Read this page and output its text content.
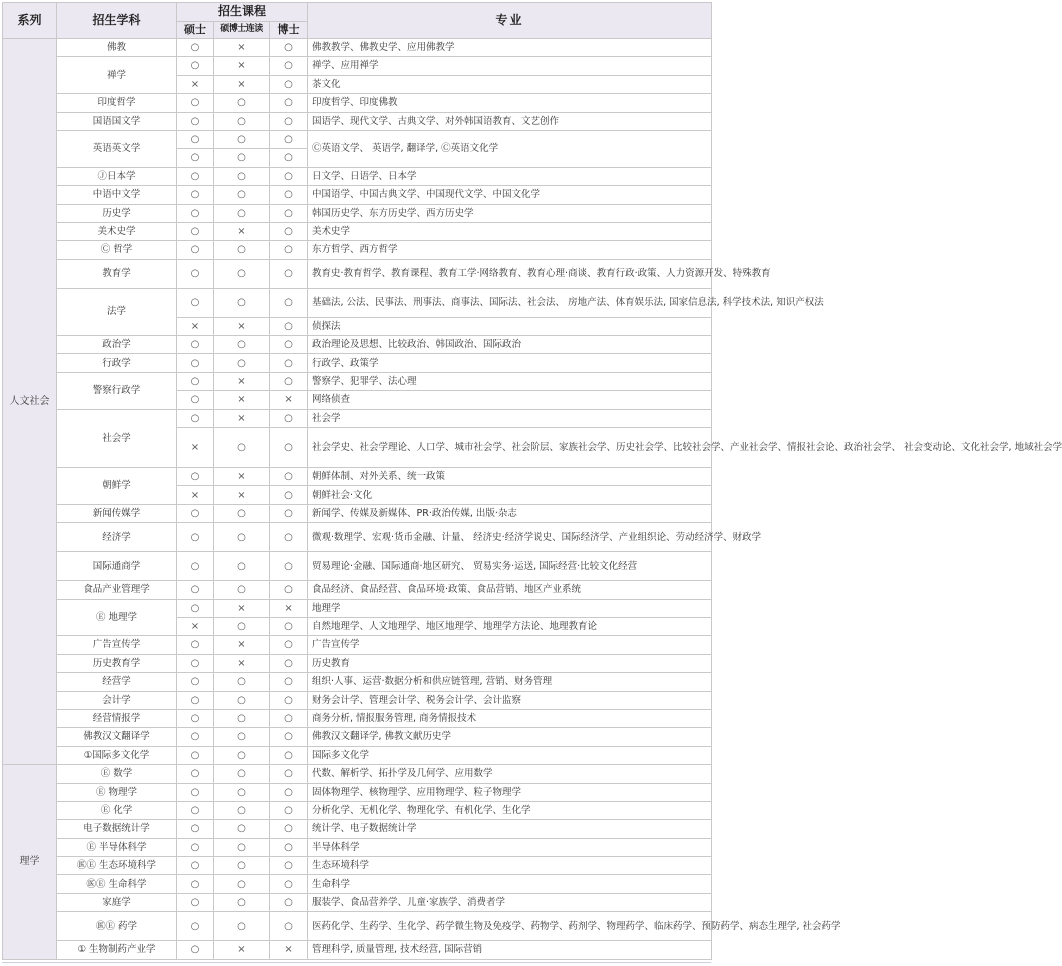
系列	招生学科	招生课程			专业
		硕士	硕博士连读	博士	
人文社会	佛教	○	×	○	佛教教学、佛教史学、应用佛教学
	禅学	○	×	○	禅学、应用禅学
		×	×	○	茶文化
	印度哲学	○	○	○	印度哲学、印度佛教
	国语国文学	○	○	○	国语学、现代文学、古典文学、对外韩国语教育、文艺创作
	英语英文学	○	○	○	Ⓒ英语文学、 英语学, 翻译学, Ⓒ英语文化学
		○	○	○	
	Ⓙ日本学	○	○	○	日文学、日语学、日本学
	中语中文学	○	○	○	中国语学、中国古典文学、中国现代文学、中国文化学
	历史学	○	○	○	韩国历史学、东方历史学、西方历史学
	美术史学	○	×	○	美术史学
	Ⓒ 哲学	○	○	○	东方哲学、西方哲学
	教育学	○	○	○	教育史·教育哲学、教育课程、教育工学·网络教育、教育心理·商谈、教育行政·政策、人力资源开发、特殊教育
	法学	○	○	○	基础法, 公法、民事法、刑事法、商事法、国际法、社会法、 房地产法、体育娱乐法, 国家信息法, 科学技术法, 知识产权法
		×	×	○	侦探法
	政治学	○	○	○	政治理论及思想、比较政治、韩国政治、国际政治
	行政学	○	○	○	行政学、政策学
	警察行政学	○	×	○	警察学、犯罪学、法心理
		○	×	×	网络侦查
	社会学	○	×	○	社会学
		×	○	○	社会学史、社会学理论、人口学、城市社会学、社会阶层、家族社会学、历史社会学、比较社会学、产业社会学、情报社会论、政治社会学、 社会变动论、文化社会学, 地域社会学
	朝鲜学	○	×	○	朝鲜体制、对外关系、统一政策
		×	×	○	朝鲜社会·文化
	新闻传媒学	○	○	○	新闻学、传媒及新媒体、PR·政治传媒, 出版·杂志
	经济学	○	○	○	微观·数理学、宏观·货币金融、计量、 经济史·经济学说史、国际经济学、产业组织论、劳动经济学、财政学
	国际通商学	○	○	○	贸易理论·金融、国际通商·地区研究、 贸易实务·运送, 国际经营·比较文化经营
	食品产业管理学	○	○	○	食品经济、食品经营、食品环境·政策、食品营销、地区产业系统
	Ⓔ 地理学	○	×	×	地理学
		×	○	○	自然地理学、人文地理学、地区地理学、地理学方法论、地理教育论
	广告宣传学	○	×	○	广告宣传学
	历史教育学	○	×	○	历史教育
	经营学	○	○	○	组织·人事、运营·数据分析和供应链管理, 营销、财务管理
	会计学	○	○	○	财务会计学、管理会计学、税务会计学、会计监察
	经营情报学	○	○	○	商务分析, 情报服务管理, 商务情报技术
	佛教汉文翻译学	○	○	○	佛教汉文翻译学, 佛教文献历史学
	①国际多文化学	○	○	○	国际多文化学
理学	Ⓔ 数学	○	○	○	代数、解析学、拓扑学及几何学、应用数学
	Ⓔ 物理学	○	○	○	固体物理学、核物理学、应用物理学、粒子物理学
	Ⓔ 化学	○	○	○	分析化学、无机化学、物理化学、有机化学、生化学
	电子数据统计学	○	○	○	统计学、电子数据统计学
	Ⓔ 半导体科学	○	○	○	半导体科学
	㊩Ⓔ 生态环境科学	○	○	○	生态环境科学
	㊩Ⓔ 生命科学	○	○	○	生命科学
	家庭学	○	○	○	服装学、食品营养学、儿童·家族学、消费者学
	㊩Ⓔ 药学	○	○	○	医药化学、生药学、生化学、药学微生物及免疫学、药物学、药剂学、物理药学、临床药学、预防药学、病态生理学, 社会药学
	① 生物制药产业学	○	×	×	管理科学, 质量管理, 技术经营, 国际营销
